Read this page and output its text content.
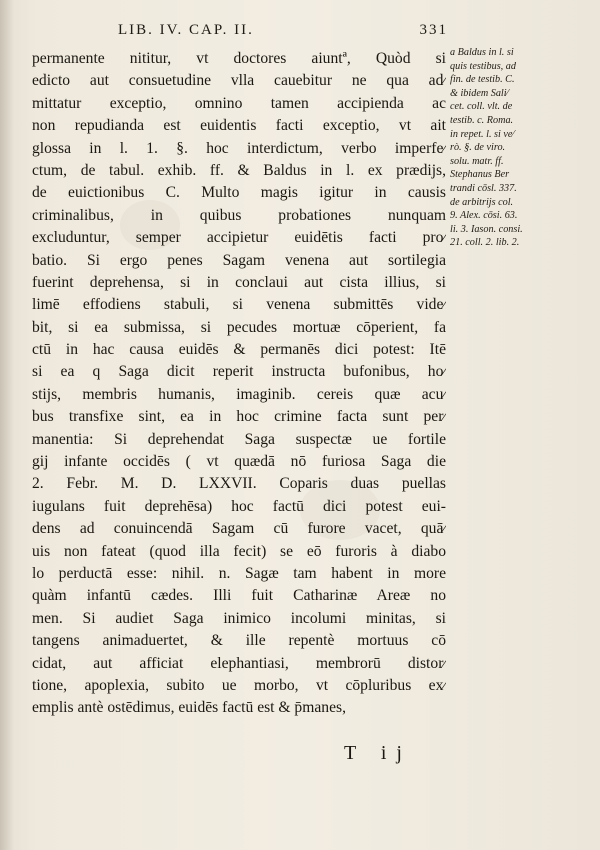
LIB. IV. CAP. II.	331
permanente nititur, vt doctores aiuntª, Quòd si
edicto aut consuetudine vlla cauebitur ne qua ad⁄
mittatur exceptio, omnino tamen accipienda ac
non repudianda est euidentis facti exceptio, vt ait
glossa in l. 1. §. hoc interdictum, verbo imperfe⁄
ctum, de tabul. exhib. ff. & Baldus in l. ex prædijs,
de euictionibus C. Multo magis igitur in causis
criminalibus, in quibus probationes nunquam
excluduntur, semper accipietur euidētis facti pro⁄
batio. Si ergo penes Sagam venena aut sortilegia
fuerint deprehensa, si in conclaui aut cista illius, si
limē effodiens stabuli, si venena submittēs vide⁄
bit, si ea submissa, si pecudes mortuæ cōperient, fa
ctū in hac causa euidēs & permanēs dici potest: Itē
si ea q Saga dicit reperit instructa bufonibus, ho⁄
stijs, membris humanis, imaginib. cereis quæ acu⁄
bus transfixe sint, ea in hoc crimine facta sunt per⁄
manentia: Si deprehendat Saga suspectæ ue fortile
gij infante occidēs ( vt quædā nō furiosa Saga die
2. Febr. M. D. LXXVII. Coparis duas puellas
iugulans fuit deprehēsa) hoc factū dici potest eui-
dens ad conuincendā Sagam cū furore vacet, quā⁄
uis non fateat (quod illa fecit) se eō furoris à diabo
lo perductā esse: nihil. n. Sagæ tam habent in more
quàm infantū cædes. Illi fuit Catharinæ Areæ no
men. Si audiet Saga inimico incolumi minitas, si
tangens animaduertet, & ille repentè mortuus cō
cidat, aut afficiat elephantiasi, membrorū distor⁄
tione, apoplexia, subito ue morbo, vt cōpluribus ex⁄
emplis antè ostēdimus, euidēs factū est & p̄manes,
a Baldus in l. si
quis testibus, ad
fin. de testib. C.
& ibidem Sali⁄
cet. coll. vlt. de
testib. c. Roma.
in repet. l. si ve⁄
rò. §. de viro.
solu. matr. ff.
Stephanus Ber
trandi cōsl. 337.
de arbitrijs col.
9. Alex. cōsi. 63.
li. 3. Iason. consi.
21. coll. 2. lib. 2.
T ij
